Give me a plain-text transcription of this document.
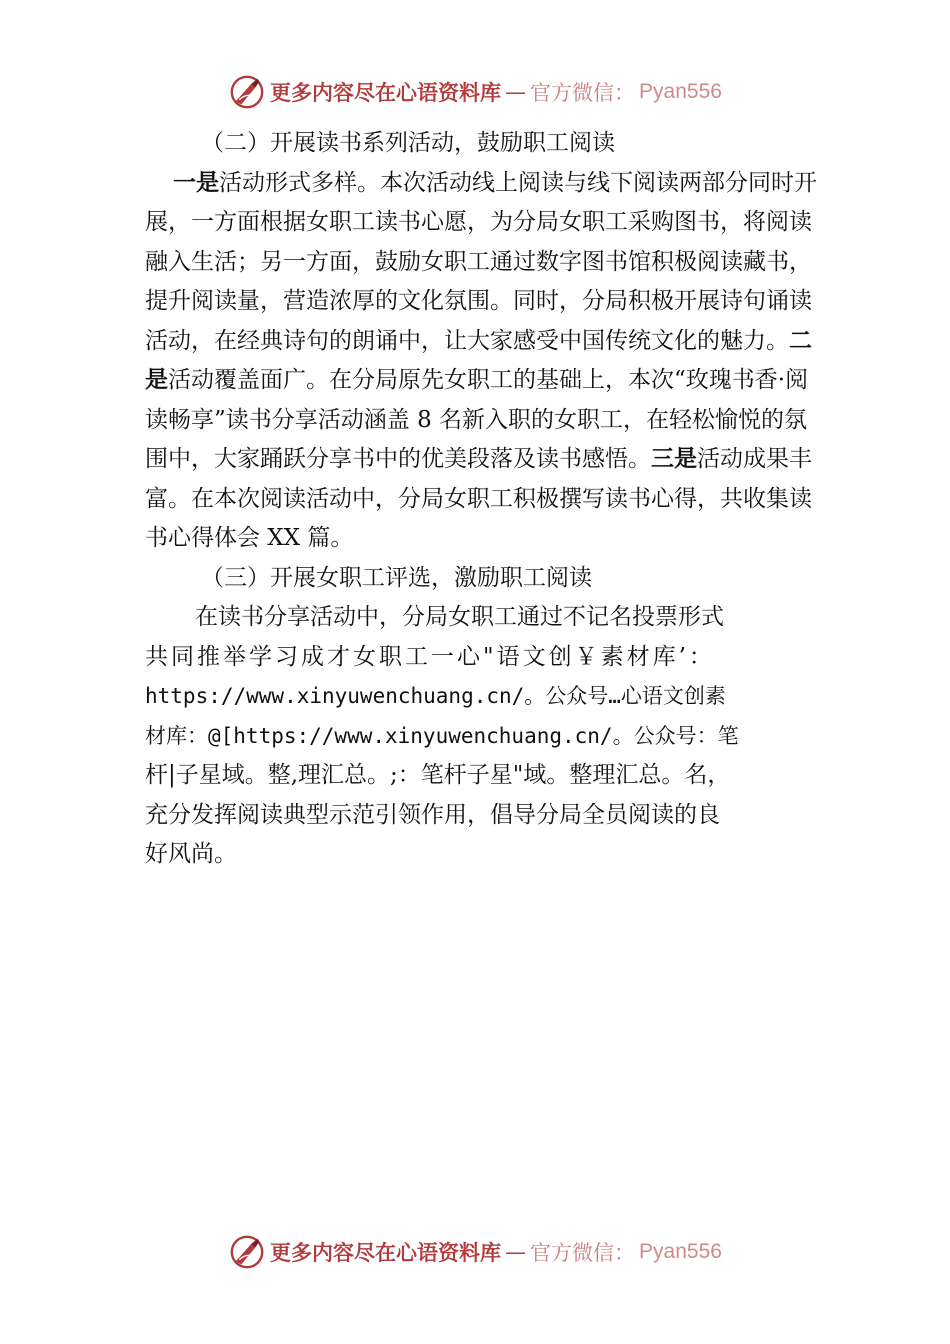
更多内容尽在心语资料库 — 官方微信： Pyan556

（二）开展读书系列活动，鼓励职工阅读

一是活动形式多样。本次活动线上阅读与线下阅读两部分同时开展，一方面根据女职工读书心愿，为分局女职工采购图书，将阅读融入生活；另一方面，鼓励女职工通过数字图书馆积极阅读藏书，提升阅读量，营造浓厚的文化氛围。同时，分局积极开展诗句诵读活动，在经典诗句的朗诵中，让大家感受中国传统文化的魅力。二是活动覆盖面广。在分局原先女职工的基础上，本次“玫瑰书香·阅读畅享”读书分享活动涵盖 8 名新入职的女职工，在轻松愉悦的氛围中，大家踊跃分享书中的优美段落及读书感悟。三是活动成果丰富。在本次阅读活动中，分局女职工积极撰写读书心得，共收集读书心得体会 XX 篇。

（三）开展女职工评选，激励职工阅读

在读书分享活动中，分局女职工通过不记名投票形式

共同推举学习成才女职工一心"语文创￥素材库’：

https://www.xinyuwenchuang.cn/。公众号…心语文创素

材库：@[https://www.xinyuwenchuang.cn/。公众号：笔

杆|子星域。整,理汇总。;：笔杆子星"域。整理汇总。名，

充分发挥阅读典型示范引领作用，倡导分局全员阅读的良

好风尚。

更多内容尽在心语资料库 — 官方微信： Pyan556
